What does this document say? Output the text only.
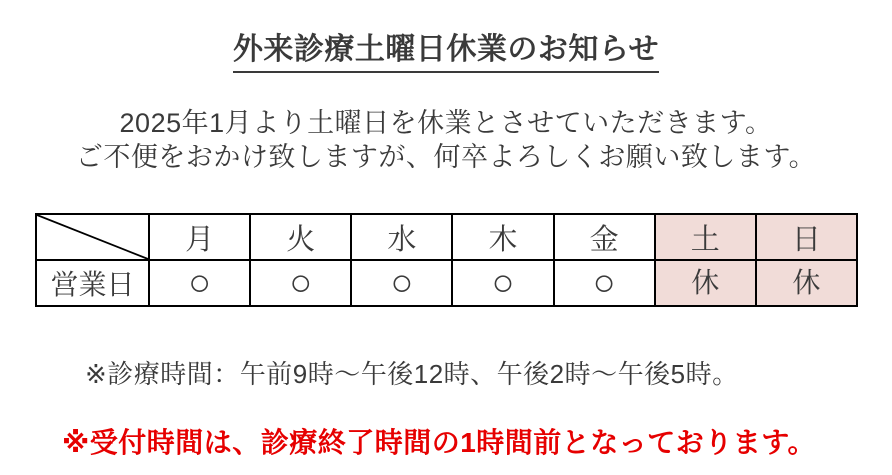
外来診療土曜日休業のお知らせ
2025年1月より土曜日を休業とさせていただきます。
ご不便をおかけ致しますが、何卒よろしくお願い致します。
	月	火	水	木	金	土	日
営業日	○	○	○	○	○	休	休
※診療時間：午前9時～午後12時、午後2時～午後5時。
※受付時間は、診療終了時間の1時間前となっております。
